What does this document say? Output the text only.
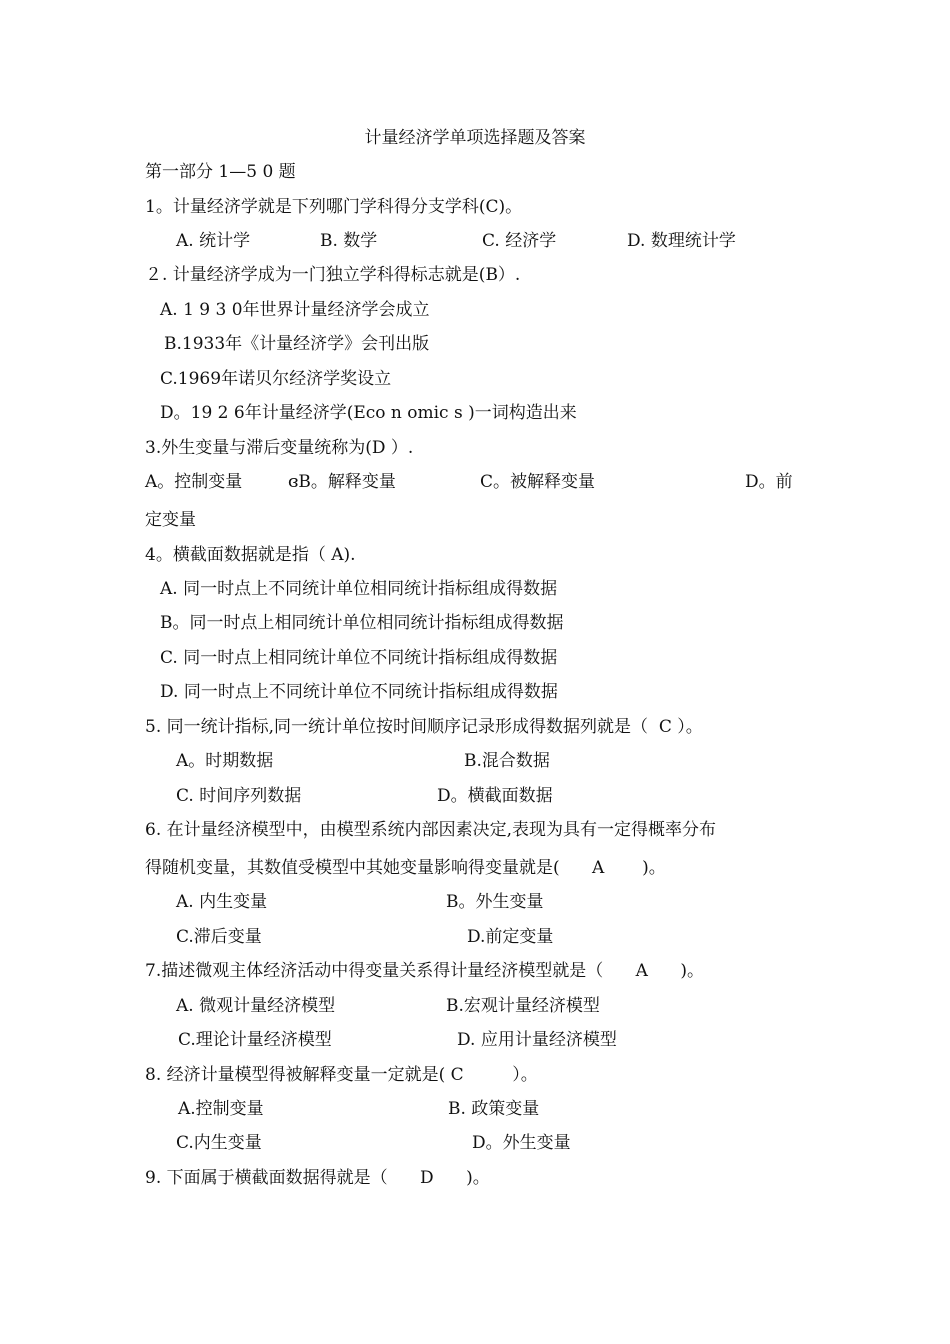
计量经济学单项选择题及答案
第一部分 1—5 0 题
1。计量经济学就是下列哪门学科得分支学科(C)。
A. 统计学	B. 数学	C. 经济学	D. 数理统计学
２. 计量经济学成为一门独立学科得标志就是(B）.
A. 1 9 3 0年世界计量经济学会成立
B.1933年《计量经济学》会刊出版
C.1969年诺贝尔经济学奖设立
D。19 2 6年计量经济学(Eco n omic s )一词构造出来
3.外生变量与滞后变量统称为(D ）.
A。控制变量	ɞB。解释变量	C。被解释变量	D。前
定变量
4。横截面数据就是指（ A).
A. 同一时点上不同统计单位相同统计指标组成得数据
B。同一时点上相同统计单位相同统计指标组成得数据
C. 同一时点上相同统计单位不同统计指标组成得数据
D. 同一时点上不同统计单位不同统计指标组成得数据
5. 同一统计指标,同一统计单位按时间顺序记录形成得数据列就是（  C ）。
A。时期数据	B.混合数据
C. 时间序列数据	D。横截面数据
6. 在计量经济模型中，由模型系统内部因素决定,表现为具有一定得概率分布
得随机变量，其数值受模型中其她变量影响得变量就是(      A       )。
A. 内生变量	B。外生变量
C.滞后变量	D.前定变量
7.描述微观主体经济活动中得变量关系得计量经济模型就是（      A      )。
A. 微观计量经济模型	B.宏观计量经济模型
C.理论计量经济模型	D. 应用计量经济模型
8. 经济计量模型得被解释变量一定就是( C         ）。
A.控制变量	B. 政策变量
C.内生变量	D。外生变量
9. 下面属于横截面数据得就是（      D      )。
